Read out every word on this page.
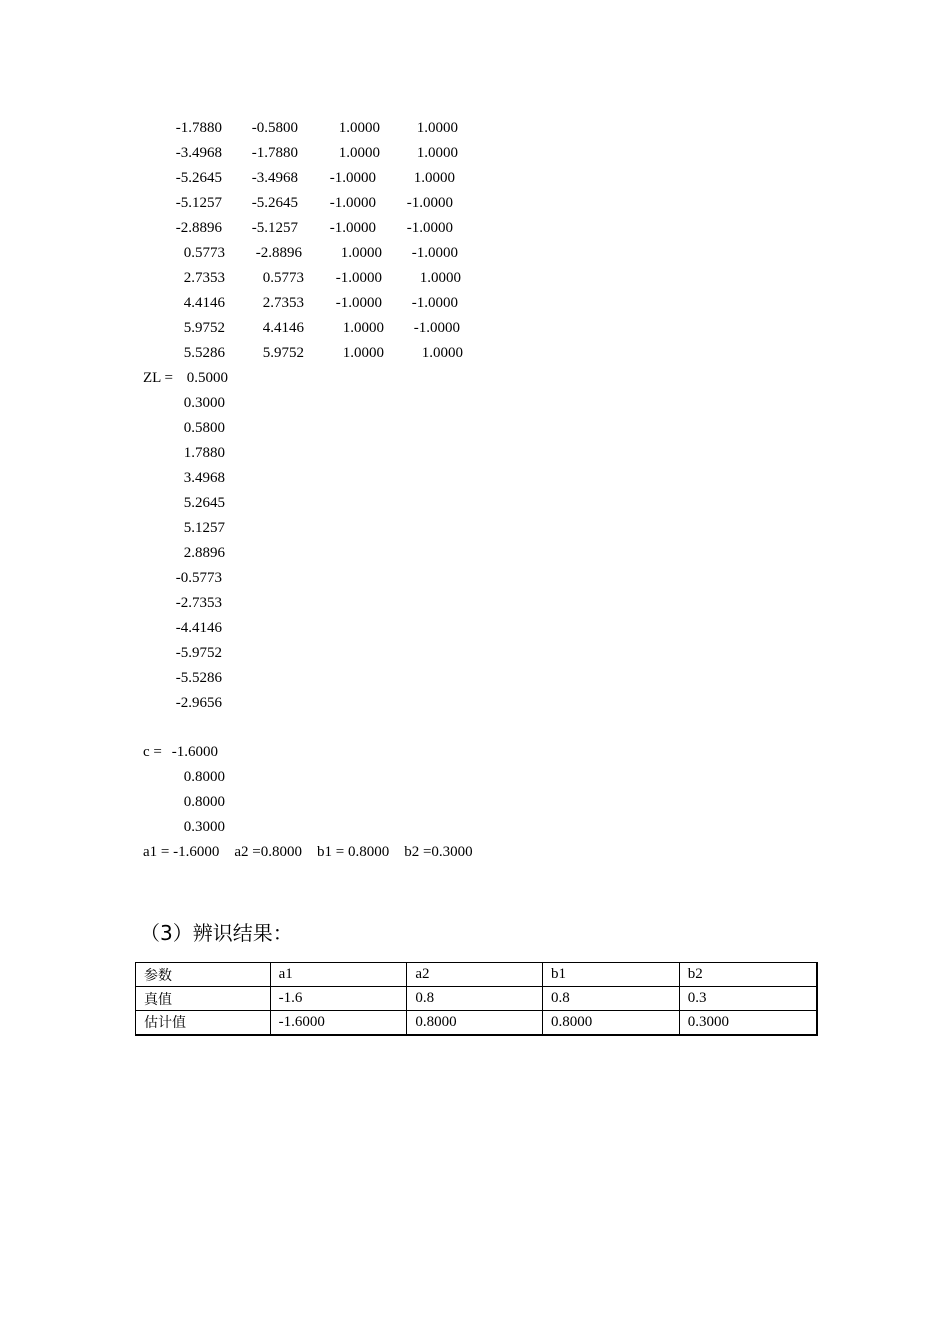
-1.7880	-0.5800	1.0000	1.0000
-3.4968	-1.7880	1.0000	1.0000
-5.2645	-3.4968	-1.0000	1.0000
-5.1257	-5.2645	-1.0000	-1.0000
-2.8896	-5.1257	-1.0000	-1.0000
0.5773	-2.8896	1.0000	-1.0000
2.7353	0.5773	-1.0000	1.0000
4.4146	2.7353	-1.0000	-1.0000
5.9752	4.4146	1.0000	-1.0000
5.5286	5.9752	1.0000	1.0000
ZL = 0.5000
0.3000
0.5800
1.7880
3.4968
5.2645
5.1257
2.8896
-0.5773
-2.7353
-4.4146
-5.9752
-5.5286
-2.9656
c = -1.6000
0.8000
0.8000
0.3000
a1 = -1.6000    a2 =0.8000    b1 = 0.8000    b2 =0.3000
（3）辨识结果：
参数	a1	a2	b1	b2
真值	-1.6	0.8	0.8	0.3
估计值	-1.6000	0.8000	0.8000	0.3000
